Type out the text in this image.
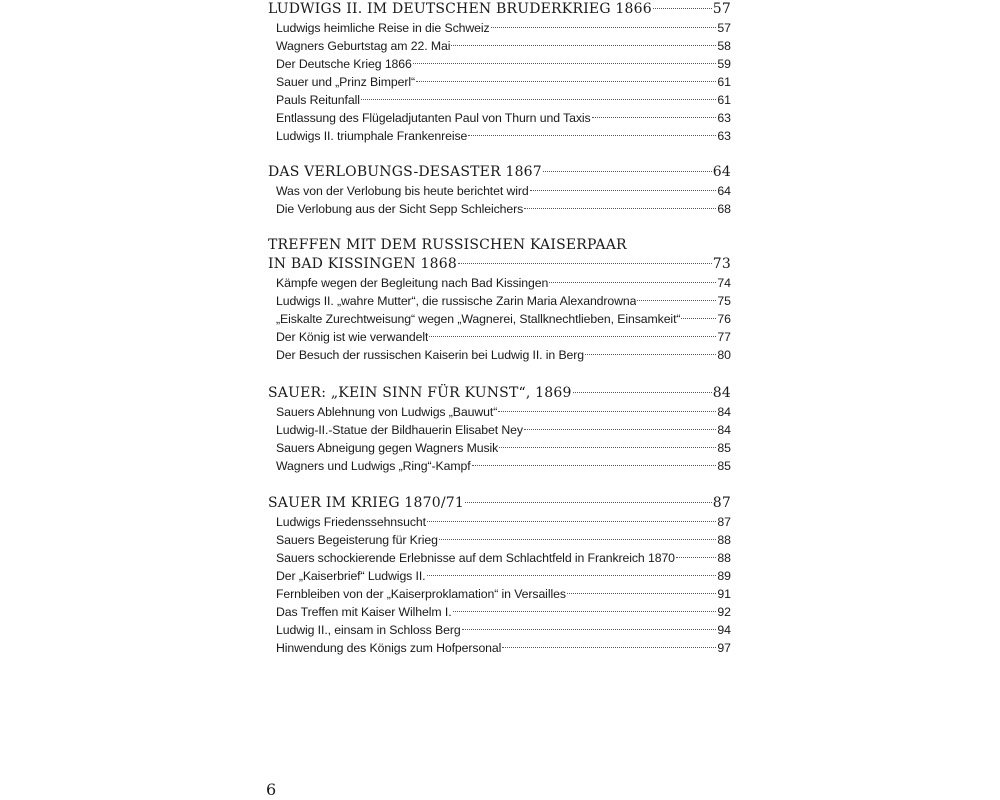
LUDWIGS II. IM DEUTSCHEN BRUDERKRIEG 1866	57
Ludwigs heimliche Reise in die Schweiz	57
Wagners Geburtstag am 22. Mai	58
Der Deutsche Krieg 1866	59
Sauer und „Prinz Bimperl“	61
Pauls Reitunfall	61
Entlassung des Flügeladjutanten Paul von Thurn und Taxis	63
Ludwigs II. triumphale Frankenreise	63
DAS VERLOBUNGS-DESASTER 1867	64
Was von der Verlobung bis heute berichtet wird	64
Die Verlobung aus der Sicht Sepp Schleichers	68
TREFFEN MIT DEM RUSSISCHEN KAISERPAAR
IN BAD KISSINGEN 1868	73
Kämpfe wegen der Begleitung nach Bad Kissingen	74
Ludwigs II. „wahre Mutter“, die russische Zarin Maria Alexandrowna	75
„Eiskalte Zurechtweisung“ wegen „Wagnerei, Stallknechtlieben, Einsamkeit“	76
Der König ist wie verwandelt	77
Der Besuch der russischen Kaiserin bei Ludwig II. in Berg	80
SAUER: „KEIN SINN FÜR KUNST“, 1869	84
Sauers Ablehnung von Ludwigs „Bauwut“	84
Ludwig-II.-Statue der Bildhauerin Elisabet Ney	84
Sauers Abneigung gegen Wagners Musik	85
Wagners und Ludwigs „Ring“-Kampf	85
SAUER IM KRIEG 1870/71	87
Ludwigs Friedenssehnsucht	87
Sauers Begeisterung für Krieg	88
Sauers schockierende Erlebnisse auf dem Schlachtfeld in Frankreich 1870	88
Der „Kaiserbrief“ Ludwigs II.	89
Fernbleiben von der „Kaiserproklamation“ in Versailles	91
Das Treffen mit Kaiser Wilhelm I.	92
Ludwig II., einsam in Schloss Berg	94
Hinwendung des Königs zum Hofpersonal	97
6
